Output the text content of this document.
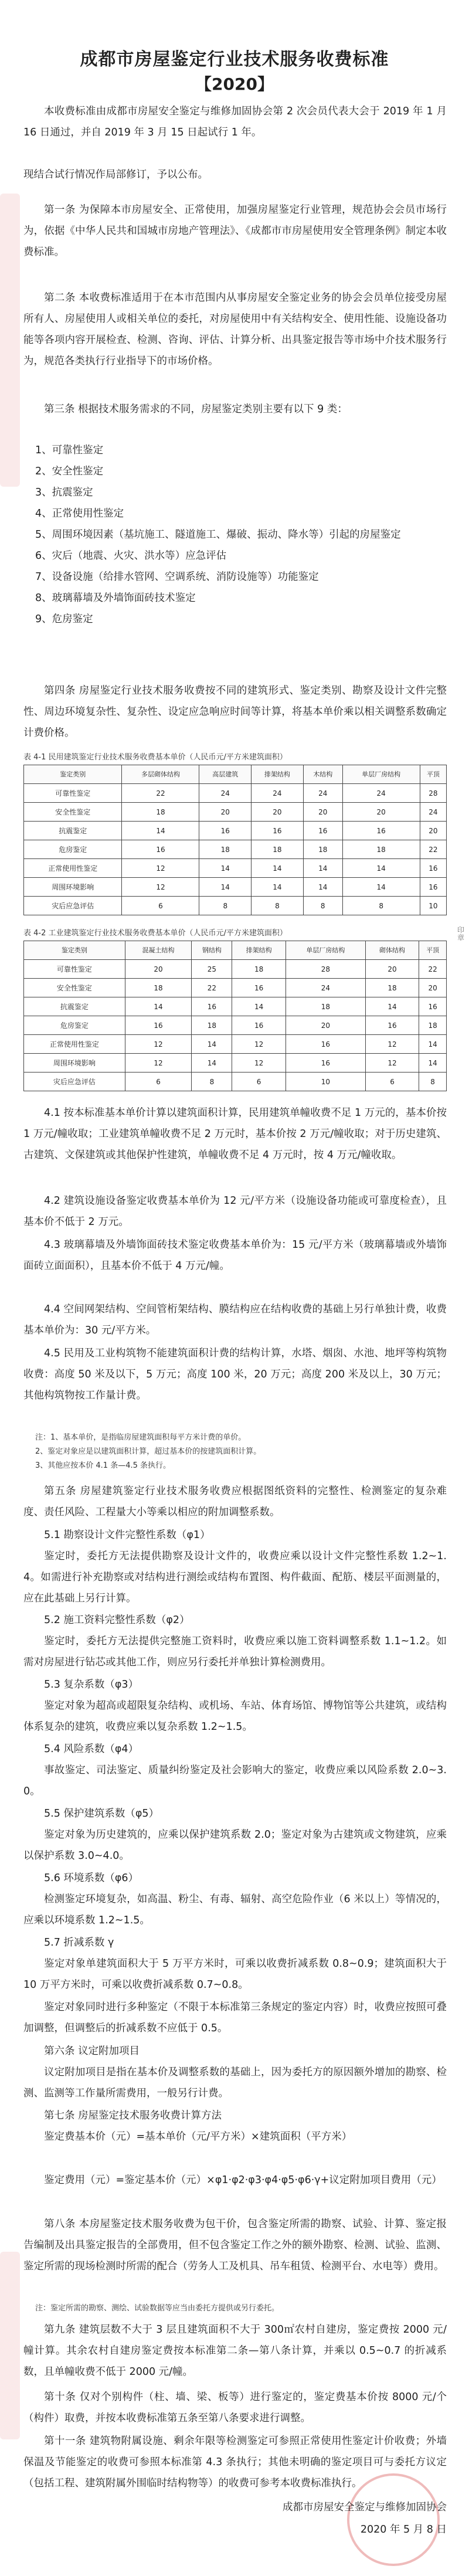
印
章
成都市房屋鉴定行业技术服务收费标准
【2020】
本收费标准由成都市房屋安全鉴定与维修加固协会第 2 次会员代表大会于 2019 年 1 月 16 日通过，并自 2019 年 3 月 15 日起试行 1 年。
现结合试行情况作局部修订，予以公布。
第一条 为保障本市房屋安全、正常使用，加强房屋鉴定行业管理，规范协会会员市场行为，依据《中华人民共和国城市房地产管理法》、《成都市市房屋使用安全管理条例》制定本收费标准。
第二条 本收费标准适用于在本市范围内从事房屋安全鉴定业务的协会会员单位接受房屋所有人、房屋使用人或相关单位的委托，对房屋使用中有关结构安全、使用性能、设施设备功能等各项内容开展检查、检测、咨询、评估、计算分析、出具鉴定报告等市场中介技术服务行为，规范各类执行行业指导下的市场价格。
第三条 根据技术服务需求的不同，房屋鉴定类别主要有以下 9 类：
1、可靠性鉴定
2、安全性鉴定
3、抗震鉴定
4、正常使用性鉴定
5、周围环境因素（基坑施工、隧道施工、爆破、振动、降水等）引起的房屋鉴定
6、灾后（地震、火灾、洪水等）应急评估
7、设备设施（给排水管网、空调系统、消防设施等）功能鉴定
8、玻璃幕墙及外墙饰面砖技术鉴定
9、危房鉴定
第四条 房屋鉴定行业技术服务收费按不同的建筑形式、鉴定类别、勘察及设计文件完整性、周边环境复杂性、复杂性、设定应急响应时间等计算，将基本单价乘以相关调整系数确定计费价格。
表 4-1 民用建筑鉴定行业技术服务收费基本单价（人民币元/平方米建筑面积）
鉴定类别	多层砌体结构	高层建筑	排架结构	木结构	单层厂房结构	平顶
可靠性鉴定	22	24	24	24	24	28
安全性鉴定	18	20	20	20	20	24
抗震鉴定	14	16	16	16	16	20
危房鉴定	16	18	18	18	18	22
正常使用性鉴定	12	14	14	14	14	16
周围环境影响	12	14	14	14	14	16
灾后应急评估	6	8	8	8	8	10
表 4-2 工业建筑鉴定行业技术服务收费基本单价（人民币元/平方米建筑面积）
鉴定类别	混凝土结构	钢结构	排架结构	单层厂房结构	砌体结构	平顶
可靠性鉴定	20	25	18	28	20	22
安全性鉴定	18	22	16	24	18	20
抗震鉴定	14	16	14	18	14	16
危房鉴定	16	18	16	20	16	18
正常使用性鉴定	12	14	12	16	12	14
周围环境影响	12	14	12	16	12	14
灾后应急评估	6	8	6	10	6	8
4.1 按本标准基本单价计算以建筑面积计算，民用建筑单幢收费不足 1 万元的，基本价按 1 万元/幢收取；工业建筑单幢收费不足 2 万元时，基本价按 2 万元/幢收取；对于历史建筑、古建筑、文保建筑或其他保护性建筑，单幢收费不足 4 万元时，按 4 万元/幢收取。
4.2 建筑设施设备鉴定收费基本单价为 12 元/平方米（设施设备功能或可靠度检查），且基本价不低于 2 万元。
4.3 玻璃幕墙及外墙饰面砖技术鉴定收费基本单价为：15 元/平方米（玻璃幕墙或外墙饰面砖立面面积），且基本价不低于 4 万元/幢。
4.4 空间网架结构、空间管桁架结构、膜结构应在结构收费的基础上另行单独计费，收费基本单价为：30 元/平方米。
4.5 民用及工业构筑物不能建筑面积计费的结构计算，水塔、烟囱、水池、地坪等构筑物收费：高度 50 米及以下，5 万元；高度 100 米，20 万元；高度 200 米及以上，30 万元；其他构筑物按工作量计费。
注：1、基本单价，是指临房屋建筑面积每平方米计费的单价。
2、鉴定对象应是以建筑面积计算，超过基本价的按建筑面积计算。
3、其他应按本价 4.1 条—4.5 条执行。
第五条 房屋建筑鉴定行业技术服务收费应根据图纸资料的完整性、检测鉴定的复杂难度、责任风险、工程量大小等乘以相应的附加调整系数。
5.1 勘察设计文件完整性系数（φ1）
鉴定时，委托方无法提供勘察及设计文件的，收费应乘以设计文件完整性系数 1.2~1.4。如需进行补充勘察或对结构进行测绘或结构布置图、构件截面、配筋、楼层平面测量的，应在此基础上另行计算。
5.2 施工资料完整性系数（φ2）
鉴定时，委托方无法提供完整施工资料时，收费应乘以施工资料调整系数 1.1~1.2。如需对房屋进行钻芯或其他工作，则应另行委托并单独计算检测费用。
5.3 复杂系数（φ3）
鉴定对象为超高或超限复杂结构、或机场、车站、体育场馆、博物馆等公共建筑，或结构体系复杂的建筑，收费应乘以复杂系数 1.2~1.5。
5.4 风险系数（φ4）
事故鉴定、司法鉴定、质量纠纷鉴定及社会影响大的鉴定，收费应乘以风险系数 2.0~3.0。
5.5 保护建筑系数（φ5）
鉴定对象为历史建筑的，应乘以保护建筑系数 2.0；鉴定对象为古建筑或文物建筑，应乘以保护系数 3.0~4.0。
5.6 环境系数（φ6）
检测鉴定环境复杂，如高温、粉尘、有毒、辐射、高空危险作业（6 米以上）等情况的，应乘以环境系数 1.2~1.5。
5.7 折减系数 γ
鉴定对象单建筑面积大于 5 万平方米时，可乘以收费折减系数 0.8~0.9；建筑面积大于 10 万平方米时，可乘以收费折减系数 0.7~0.8。
鉴定对象同时进行多种鉴定（不限于本标准第三条规定的鉴定内容）时，收费应按照可叠加调整，但调整后的折减系数不应低于 0.5。
第六条 议定附加项目
议定附加项目是指在基本价及调整系数的基础上，因为委托方的原因额外增加的勘察、检测、监测等工作量所需费用，一般另行计费。
第七条 房屋鉴定技术服务收费计算方法
鉴定费基本价（元）=基本单价（元/平方米）×建筑面积（平方米）
鉴定费用（元）=鉴定基本价（元）×φ1·φ2·φ3·φ4·φ5·φ6·γ+议定附加项目费用（元）
第八条 本房屋鉴定技术服务收费为包干价，包含鉴定所需的勘察、试验、计算、鉴定报告编制及出具鉴定报告的全部费用，但不包含鉴定工作之外的额外勘察、检测、试验、监测、鉴定所需的现场检测时所需的配合（劳务人工及机具、吊车租赁、检测平台、水电等）费用。
注：鉴定所需的勘察、测绘、试验数据等应当由委托方提供或另行委托。
第九条 建筑层数不大于 3 层且建筑面积不大于 300㎡农村自建房，鉴定费按 2000 元/幢计算。其余农村自建房鉴定费按本标准第二条—第八条计算，并乘以 0.5~0.7 的折减系数，且单幢收费不低于 2000 元/幢。
第十条 仅对个别构件（柱、墙、梁、板等）进行鉴定的，鉴定费基本价按 8000 元/个（构件）取费，并按本收费标准第五条至第八条要求进行调整。
第十一条 建筑物附属设施、剩余年限等检测鉴定可参照正常使用性鉴定计价收费；外墙保温及节能鉴定的收费可参照本标准第 4.3 条执行；其他未明确的鉴定项目可与委托方议定（包括工程、建筑附属外围临时结构物等）的收费可参考本收费标准执行。
成都市房屋安全鉴定与维修加固协会
2020 年 5 月 8 日
